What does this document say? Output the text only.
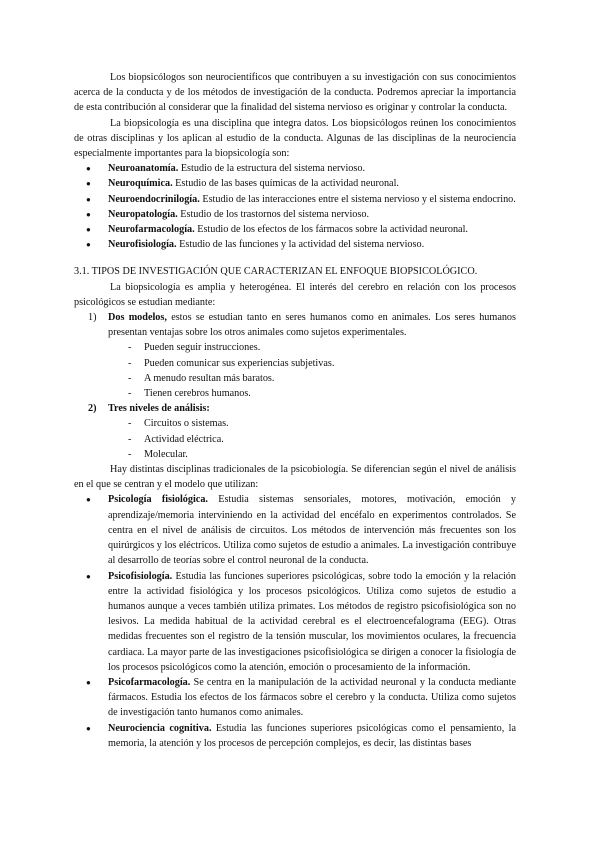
Los biopsicólogos son neurocientíficos que contribuyen a su investigación con sus conocimientos acerca de la conducta y de los métodos de investigación de la conducta. Podremos apreciar la importancia de esta contribución al considerar que la finalidad del sistema nervioso es originar y controlar la conducta.

La biopsicología es una disciplina que integra datos. Los biopsicólogos reúnen los conocimientos de otras disciplinas y los aplican al estudio de la conducta. Algunas de las disciplinas de la neurociencia especialmente importantes para la biopsicología son:

● Neuroanatomía. Estudio de la estructura del sistema nervioso.
● Neuroquímica. Estudio de las bases químicas de la actividad neuronal.
● Neuroendocrinilogía. Estudio de las interacciones entre el sistema nervioso y el sistema endocrino.
● Neuropatología. Estudio de los trastornos del sistema nervioso.
● Neurofarmacología. Estudio de los efectos de los fármacos sobre la actividad neuronal.
● Neurofisiología. Estudio de las funciones y la actividad del sistema nervioso.

3.1. TIPOS DE INVESTIGACIÓN QUE CARACTERIZAN EL ENFOQUE BIOPSICOLÓGICO.

La biopsicología es amplia y heterogénea. El interés del cerebro en relación con los procesos psicológicos se estudian mediante:

1) Dos modelos, estos se estudian tanto en seres humanos como en animales. Los seres humanos presentan ventajas sobre los otros animales como sujetos experimentales.
- Pueden seguir instrucciones.
- Pueden comunicar sus experiencias subjetivas.
- A menudo resultan más baratos.
- Tienen cerebros humanos.
2) Tres niveles de análisis:
- Circuitos o sistemas.
- Actividad eléctrica.
- Molecular.

Hay distintas disciplinas tradicionales de la psicobiología. Se diferencian según el nivel de análisis en el que se centran y el modelo que utilizan:

● Psicología fisiológica. Estudia sistemas sensoriales, motores, motivación, emoción y aprendizaje/memoria interviniendo en la actividad del encéfalo en experimentos controlados. Se centra en el nivel de análisis de circuitos. Los métodos de intervención más frecuentes son los quirúrgicos y los eléctricos. Utiliza como sujetos de estudio a animales. La investigación contribuye al desarrollo de teorías sobre el control neuronal de la conducta.
● Psicofisiología. Estudia las funciones superiores psicológicas, sobre todo la emoción y la relación entre la actividad fisiológica y los procesos psicológicos. Utiliza como sujetos de estudio a humanos aunque a veces también utiliza primates. Los métodos de registro psicofisiológica son no lesivos. La medida habitual de la actividad cerebral es el electroencefalograma (EEG). Otras medidas frecuentes son el registro de la tensión muscular, los movimientos oculares, la frecuencia cardiaca. La mayor parte de las investigaciones psicofisiológica se dirigen a conocer la fisiología de los procesos psicológicos como la atención, emoción o procesamiento de la información.
● Psicofarmacología. Se centra en la manipulación de la actividad neuronal y la conducta mediante fármacos. Estudia los efectos de los fármacos sobre el cerebro y la conducta. Utiliza como sujetos de investigación tanto humanos como animales.
● Neurociencia cognitiva. Estudia las funciones superiores psicológicas como el pensamiento, la memoria, la atención y los procesos de percepción complejos, es decir, las distintas bases
